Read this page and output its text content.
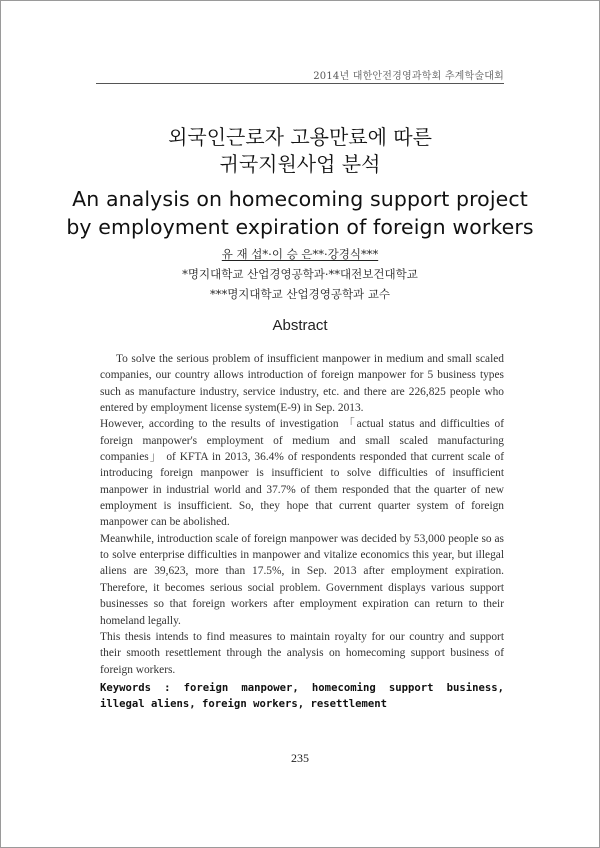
2014년 대한안전경영과학회 추계학술대회
외국인근로자 고용만료에 따른
귀국지원사업 분석
An analysis on homecoming support project
by employment expiration of foreign workers
유 재 섭*·이 승 은**·강경식***
*명지대학교 산업경영공학과·**대전보건대학교
***명지대학교 산업경영공학과 교수
Abstract

To solve the serious problem of insufficient manpower in medium and small scaled companies, our country allows introduction of foreign manpower for 5 business types such as manufacture industry, service industry, etc. and there are 226,825 people who entered by employment license system(E-9) in Sep. 2013.

However, according to the results of investigation 「actual status and difficulties of foreign manpower's employment of medium and small scaled manufacturing companies」 of KFTA in 2013, 36.4% of respondents responded that current scale of introducing foreign manpower is insufficient to solve difficulties of insufficient manpower in industrial world and 37.7% of them responded that the quarter of new employment is insufficient. So, they hope that current quarter system of foreign manpower can be abolished.

Meanwhile, introduction scale of foreign manpower was decided by 53,000 people so as to solve enterprise difficulties in manpower and vitalize economics this year, but illegal aliens are 39,623, more than 17.5%, in Sep. 2013 after employment expiration. Therefore, it becomes serious social problem. Government displays various support businesses so that foreign workers after employment expiration can return to their homeland legally.

This thesis intends to find measures to maintain royalty for our country and support their smooth resettlement through the analysis on homecoming support business of foreign workers.

Keywords : foreign manpower, homecoming support business, illegal aliens, foreign workers, resettlement
235
